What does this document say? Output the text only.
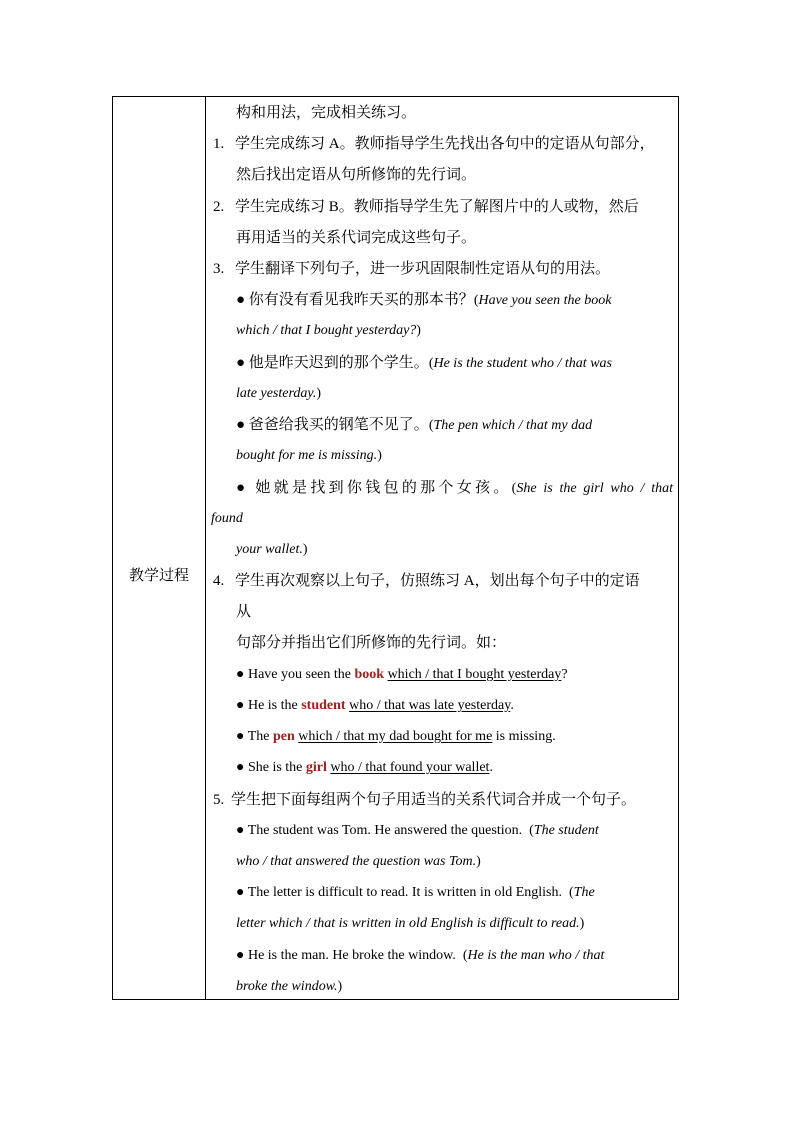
教学过程
构和用法，完成相关练习。
1. 学生完成练习 A。教师指导学生先找出各句中的定语从句部分，
然后找出定语从句所修饰的先行词。
2. 学生完成练习 B。教师指导学生先了解图片中的人或物，然后
再用适当的关系代词完成这些句子。
3. 学生翻译下列句子，进一步巩固限制性定语从句的用法。
● 你有没有看见我昨天买的那本书？(Have you seen the book
which / that I bought yesterday?)
● 他是昨天迟到的那个学生。(He is the student who / that was
late yesterday.)
● 爸爸给我买的钢笔不见了。(The pen which / that my dad
bought for me is missing.)
● 她就是找到你钱包的那个女孩。(She is the girl who / that
found
your wallet.)
4. 学生再次观察以上句子，仿照练习 A，划出每个句子中的定语
从
句部分并指出它们所修饰的先行词。如：
● Have you seen the book which / that I bought yesterday?
● He is the student who / that was late yesterday.
● The pen which / that my dad bought for me is missing.
● She is the girl who / that found your wallet.
5. 学生把下面每组两个句子用适当的关系代词合并成一个句子。
● The student was Tom. He answered the question. (The student
who / that answered the question was Tom.)
● The letter is difficult to read. It is written in old English. (The
letter which / that is written in old English is difficult to read.)
● He is the man. He broke the window. (He is the man who / that
broke the window.)
